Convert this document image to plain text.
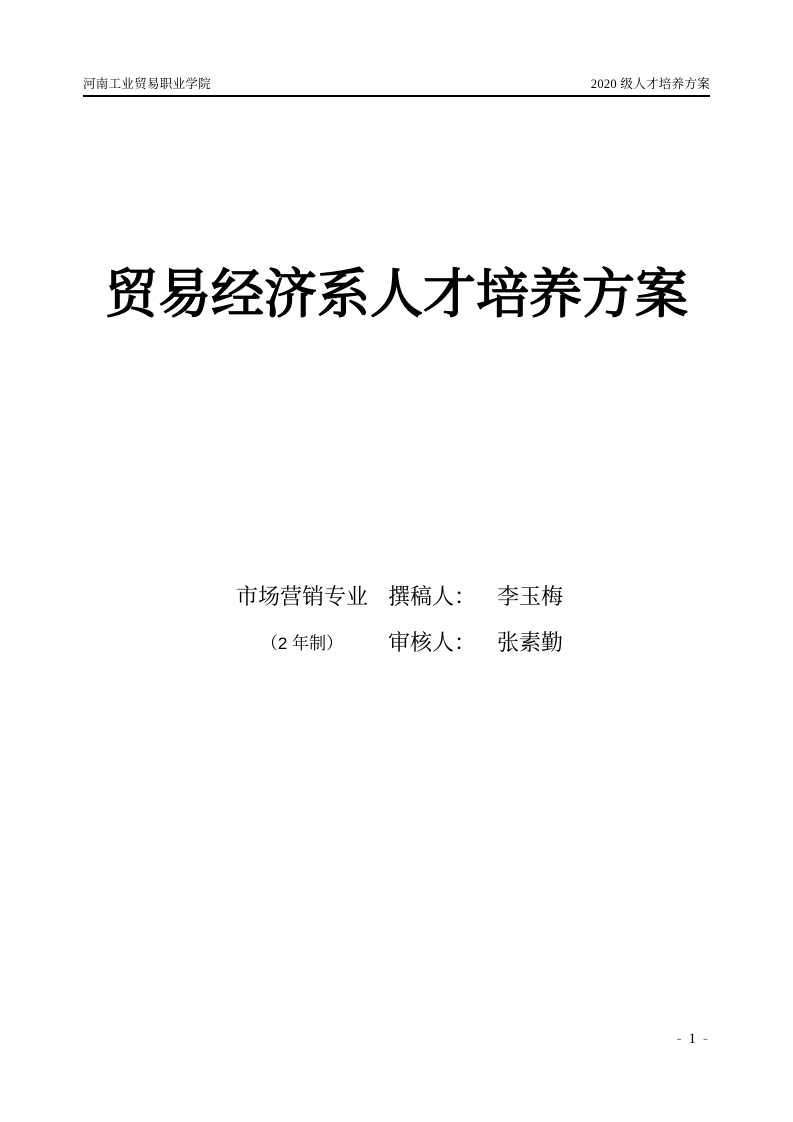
河南工业贸易职业学院	2020 级人才培养方案
贸易经济系人才培养方案
市场营销专业 撰稿人： 李玉梅
（2 年制）	审核人： 张素勤
- 1 -
